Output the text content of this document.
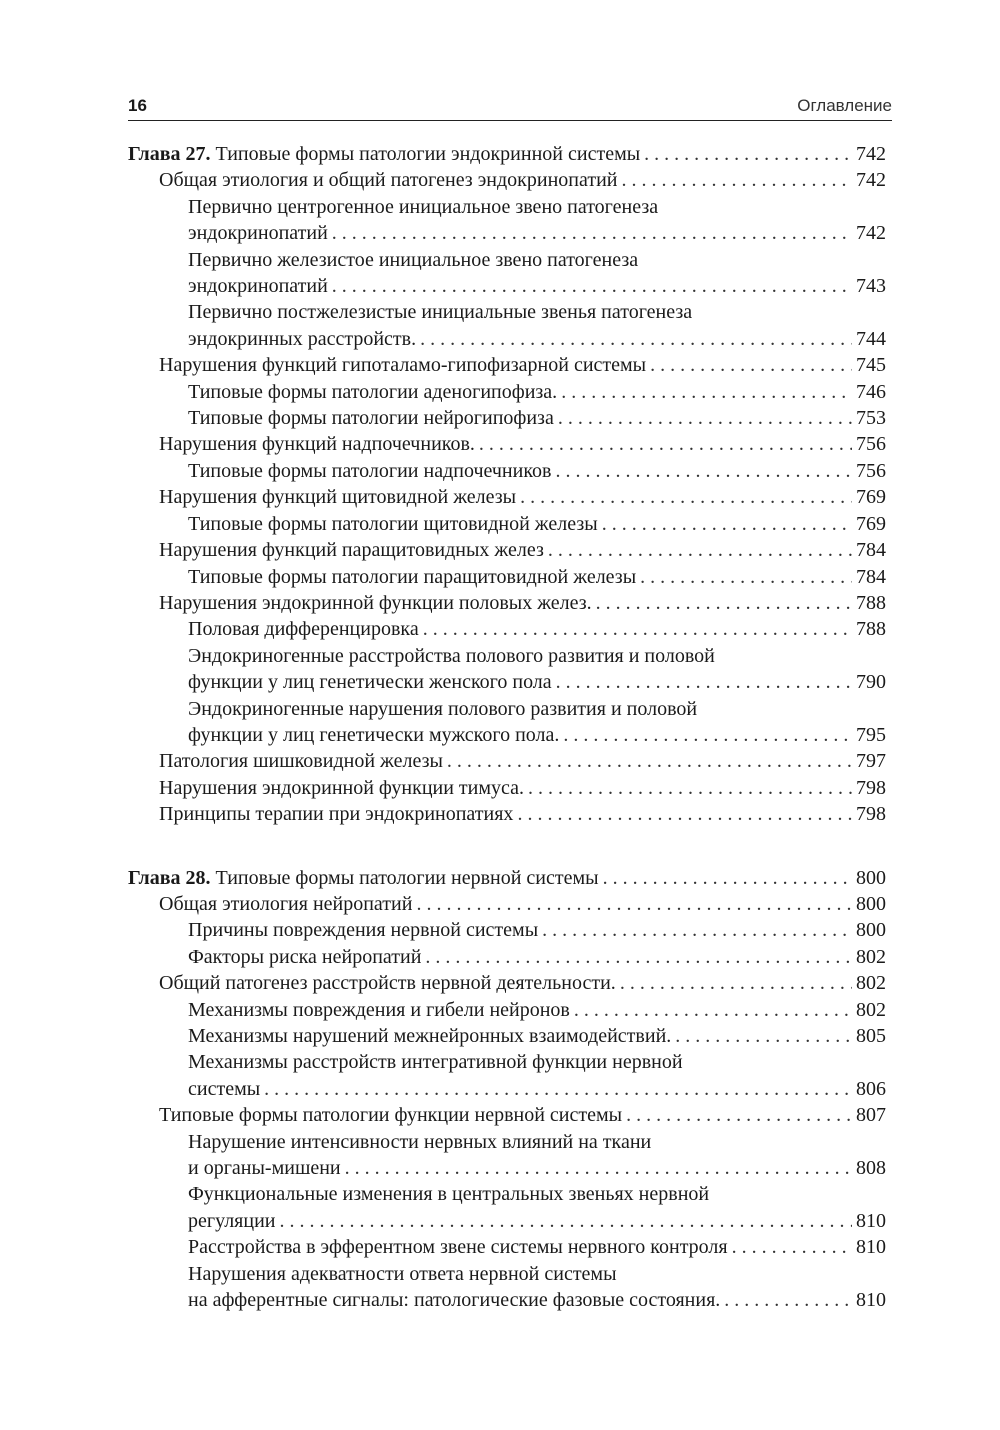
16	Оглавление
Глава 27. Типовые формы патологии эндокринной системы . . .	742
Общая этиология и общий патогенез эндокринопатий . . .	742
Первично центрогенное инициальное звено патогенеза
эндокринопатий . . .	742
Первично железистое инициальное звено патогенеза
эндокринопатий . . .	743
Первично постжелезистые инициальные звенья патогенеза
эндокринных расстройств. . . .	744
Нарушения функций гипоталамо-гипофизарной системы . . .	745
Типовые формы патологии аденогипофиза. . . .	746
Типовые формы патологии нейрогипофиза . . .	753
Нарушения функций надпочечников. . . .	756
Типовые формы патологии надпочечников . . .	756
Нарушения функций щитовидной железы . . .	769
Типовые формы патологии щитовидной железы . . .	769
Нарушения функций паращитовидных желез . . .	784
Типовые формы патологии паращитовидной железы . . .	784
Нарушения эндокринной функции половых желез. . . .	788
Половая дифференцировка . . .	788
Эндокриногенные расстройства полового развития и половой
функции у лиц генетически женского пола . . .	790
Эндокриногенные нарушения полового развития и половой
функции у лиц генетически мужского пола. . . .	795
Патология шишковидной железы . . .	797
Нарушения эндокринной функции тимуса. . . .	798
Принципы терапии при эндокринопатиях . . .	798
Глава 28. Типовые формы патологии нервной системы . . .	800
Общая этиология нейропатий . . .	800
Причины повреждения нервной системы . . .	800
Факторы риска нейропатий . . .	802
Общий патогенез расстройств нервной деятельности. . . .	802
Механизмы повреждения и гибели нейронов . . .	802
Механизмы нарушений межнейронных взаимодействий. . . .	805
Механизмы расстройств интегративной функции нервной
системы . . .	806
Типовые формы патологии функции нервной системы . . .	807
Нарушение интенсивности нервных влияний на ткани
и органы-мишени . . .	808
Функциональные изменения в центральных звеньях нервной
регуляции . . .	810
Расстройства в эфферентном звене системы нервного контроля . . .	810
Нарушения адекватности ответа нервной системы
на афферентные сигналы: патологические фазовые состояния. . . .	810
